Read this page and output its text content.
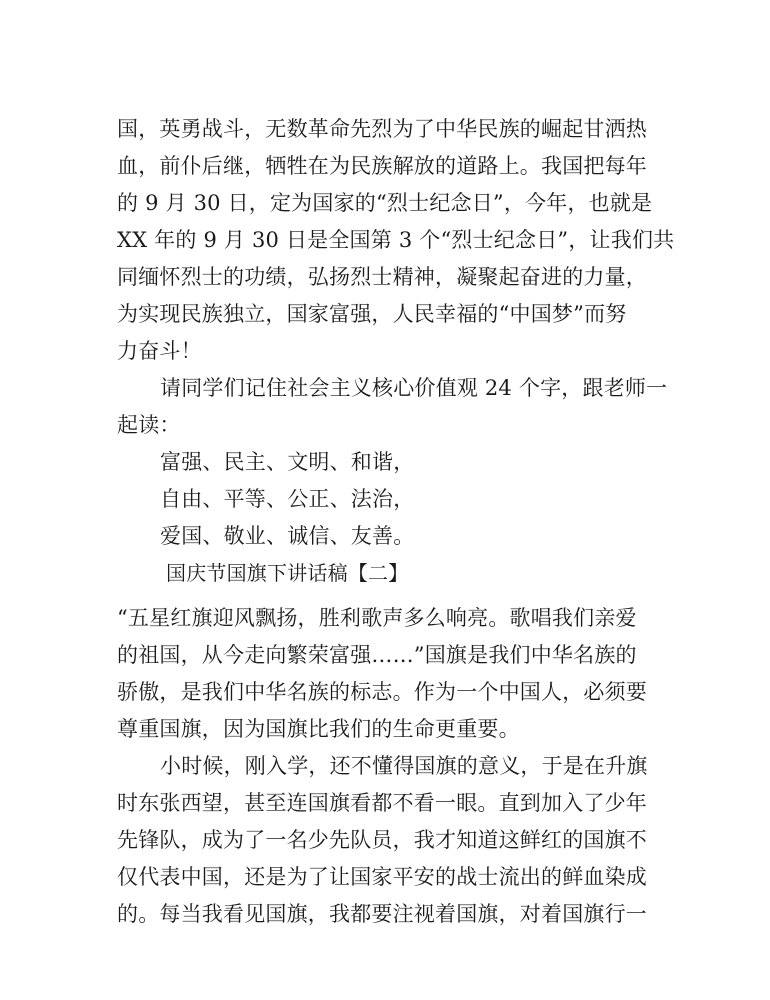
国，英勇战斗，无数革命先烈为了中华民族的崛起甘洒热
血，前仆后继，牺牲在为民族解放的道路上。我国把每年
的 9 月 30 日，定为国家的“烈士纪念日”，今年，也就是
XX 年的 9 月 30 日是全国第 3 个“烈士纪念日”，让我们共
同缅怀烈士的功绩，弘扬烈士精神，凝聚起奋进的力量，
为实现民族独立，国家富强，人民幸福的“中国梦”而努
力奋斗！
请同学们记住社会主义核心价值观 24 个字，跟老师一
起读：
富强、民主、文明、和谐，
自由、平等、公正、法治，
爱国、敬业、诚信、友善。
国庆节国旗下讲话稿【二】
“五星红旗迎风飘扬，胜利歌声多么响亮。歌唱我们亲爱
的祖国，从今走向繁荣富强……”国旗是我们中华名族的
骄傲，是我们中华名族的标志。作为一个中国人，必须要
尊重国旗，因为国旗比我们的生命更重要。
小时候，刚入学，还不懂得国旗的意义，于是在升旗
时东张西望，甚至连国旗看都不看一眼。直到加入了少年
先锋队，成为了一名少先队员，我才知道这鲜红的国旗不
仅代表中国，还是为了让国家平安的战士流出的鲜血染成
的。每当我看见国旗，我都要注视着国旗，对着国旗行一
